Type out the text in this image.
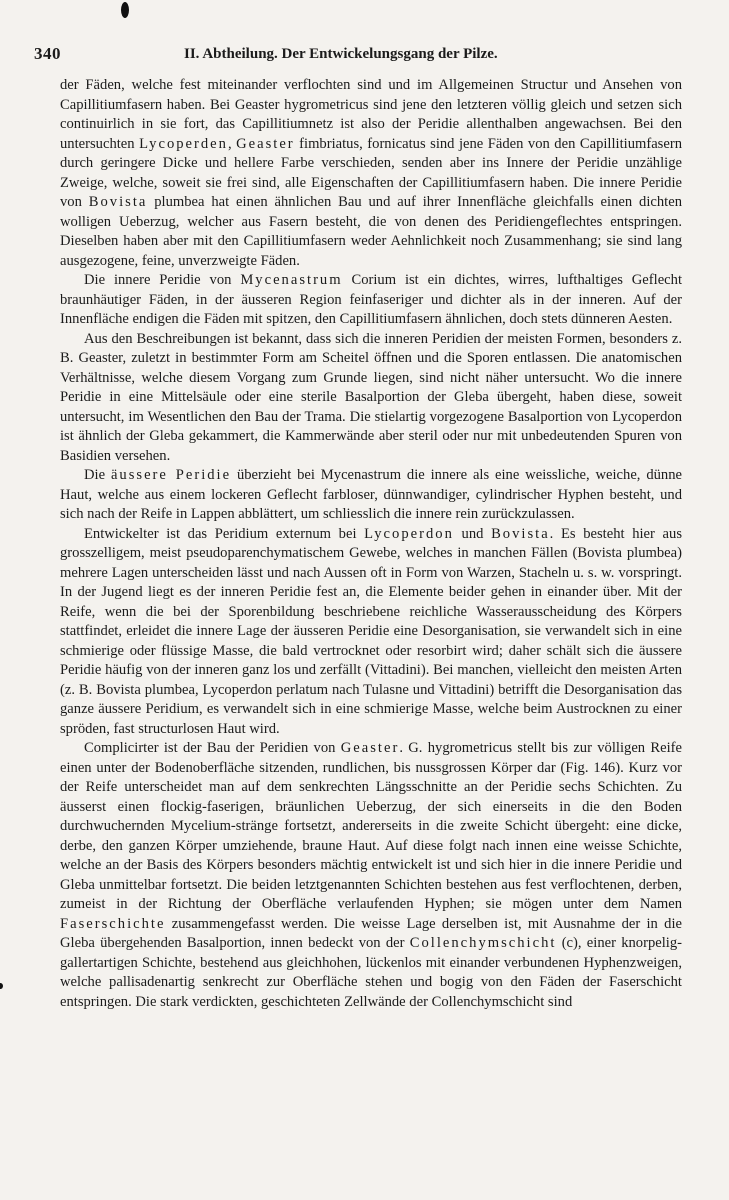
340	II. Abtheilung. Der Entwickelungsgang der Pilze.

der Fäden, welche fest miteinander verflochten sind und im Allgemeinen Structur und Ansehen von Capillitiumfasern haben. Bei Geaster hygrometricus sind jene den letzteren völlig gleich und setzen sich continuirlich in sie fort, das Capillitiumnetz ist also der Peridie allenthalben angewachsen. Bei den untersuchten Lycoperden, Geaster fimbriatus, fornicatus sind jene Fäden von den Capillitiumfasern durch geringere Dicke und hellere Farbe verschieden, senden aber ins Innere der Peridie unzählige Zweige, welche, soweit sie frei sind, alle Eigenschaften der Capillitiumfasern haben. Die innere Peridie von Bovista plumbea hat einen ähnlichen Bau und auf ihrer Innenfläche gleichfalls einen dichten wolligen Ueberzug, welcher aus Fasern besteht, die von denen des Peridiengeflechtes entspringen. Dieselben haben aber mit den Capillitiumfasern weder Aehnlichkeit noch Zusammenhang; sie sind lang ausgezogene, feine, unverzweigte Fäden.

Die innere Peridie von Mycenastrum Corium ist ein dichtes, wirres, lufthaltiges Geflecht braunhäutiger Fäden, in der äusseren Region feinfaseriger und dichter als in der inneren. Auf der Innenfläche endigen die Fäden mit spitzen, den Capillitiumfasern ähnlichen, doch stets dünneren Aesten.

Aus den Beschreibungen ist bekannt, dass sich die inneren Peridien der meisten Formen, besonders z. B. Geaster, zuletzt in bestimmter Form am Scheitel öffnen und die Sporen entlassen. Die anatomischen Verhältnisse, welche diesem Vorgang zum Grunde liegen, sind nicht näher untersucht. Wo die innere Peridie in eine Mittelsäule oder eine sterile Basalportion der Gleba übergeht, haben diese, soweit untersucht, im Wesentlichen den Bau der Trama. Die stielartig vorgezogene Basalportion von Lycoperdon ist ähnlich der Gleba gekammert, die Kammerwände aber steril oder nur mit unbedeutenden Spuren von Basidien versehen.

Die äussere Peridie überzieht bei Mycenastrum die innere als eine weissliche, weiche, dünne Haut, welche aus einem lockeren Geflecht farbloser, dünnwandiger, cylindrischer Hyphen besteht, und sich nach der Reife in Lappen abblättert, um schliesslich die innere rein zurückzulassen.

Entwickelter ist das Peridium externum bei Lycoperdon und Bovista. Es besteht hier aus grosszelligem, meist pseudoparenchymatischem Gewebe, welches in manchen Fällen (Bovista plumbea) mehrere Lagen unterscheiden lässt und nach Aussen oft in Form von Warzen, Stacheln u. s. w. vorspringt. In der Jugend liegt es der inneren Peridie fest an, die Elemente beider gehen in einander über. Mit der Reife, wenn die bei der Sporenbildung beschriebene reichliche Wasserausscheidung des Körpers stattfindet, erleidet die innere Lage der äusseren Peridie eine Desorganisation, sie verwandelt sich in eine schmierige oder flüssige Masse, die bald vertrocknet oder resorbirt wird; daher schält sich die äussere Peridie häufig von der inneren ganz los und zerfällt (Vittadini). Bei manchen, vielleicht den meisten Arten (z. B. Bovista plumbea, Lycoperdon perlatum nach Tulasne und Vittadini) betrifft die Desorganisation das ganze äussere Peridium, es verwandelt sich in eine schmierige Masse, welche beim Austrocknen zu einer spröden, fast structurlosen Haut wird.

Complicirter ist der Bau der Peridien von Geaster. G. hygrometricus stellt bis zur völligen Reife einen unter der Bodenoberfläche sitzenden, rundlichen, bis nussgrossen Körper dar (Fig. 146). Kurz vor der Reife unterscheidet man auf dem senkrechten Längsschnitte an der Peridie sechs Schichten. Zu äusserst einen flockig-faserigen, bräunlichen Ueberzug, der sich einerseits in die den Boden durchwuchernden Mycelium-stränge fortsetzt, andererseits in die zweite Schicht übergeht: eine dicke, derbe, den ganzen Körper umziehende, braune Haut. Auf diese folgt nach innen eine weisse Schichte, welche an der Basis des Körpers besonders mächtig entwickelt ist und sich hier in die innere Peridie und Gleba unmittelbar fortsetzt. Die beiden letztgenannten Schichten bestehen aus fest verflochtenen, derben, zumeist in der Richtung der Oberfläche verlaufenden Hyphen; sie mögen unter dem Namen Faserschichte zusammengefasst werden. Die weisse Lage derselben ist, mit Ausnahme der in die Gleba übergehenden Basalportion, innen bedeckt von der Collenchymschicht (c), einer knorpelig-gallertartigen Schichte, bestehend aus gleichhohen, lückenlos mit einander verbundenen Hyphenzweigen, welche pallisadenartig senkrecht zur Oberfläche stehen und bogig von den Fäden der Faserschicht entspringen. Die stark verdickten, geschichteten Zellwände der Collenchymschicht sind
